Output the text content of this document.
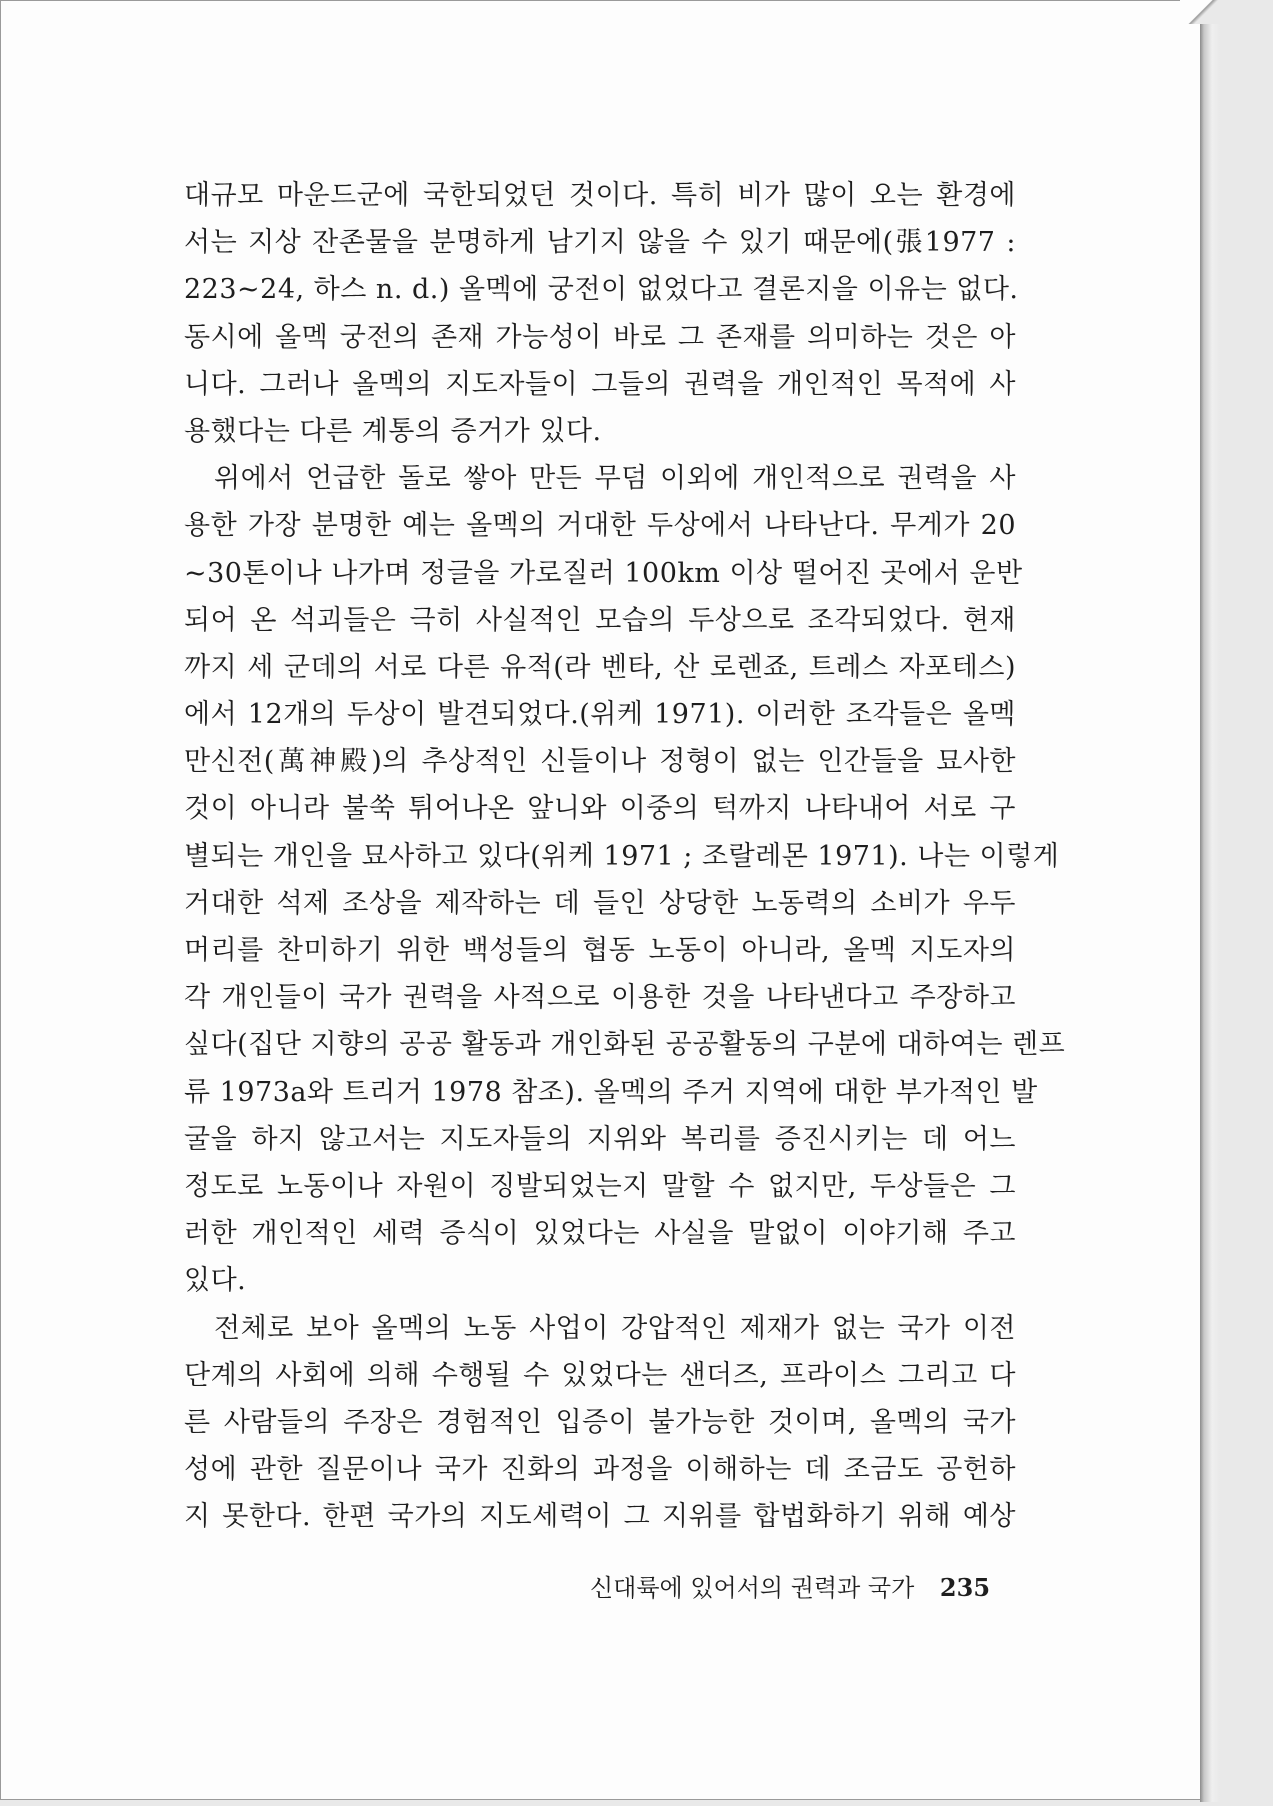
대규모 마운드군에 국한되었던 것이다. 특히 비가 많이 오는 환경에
서는 지상 잔존물을 분명하게 남기지 않을 수 있기 때문에(張1977 :
223~24, 하스 n. d.) 올멕에 궁전이 없었다고 결론지을 이유는 없다.
동시에 올멕 궁전의 존재 가능성이 바로 그 존재를 의미하는 것은 아
니다. 그러나 올멕의 지도자들이 그들의 권력을 개인적인 목적에 사
용했다는 다른 계통의 증거가 있다.
위에서 언급한 돌로 쌓아 만든 무덤 이외에 개인적으로 권력을 사
용한 가장 분명한 예는 올멕의 거대한 두상에서 나타난다. 무게가 20
~30톤이나 나가며 정글을 가로질러 100km 이상 떨어진 곳에서 운반
되어 온 석괴들은 극히 사실적인 모습의 두상으로 조각되었다. 현재
까지 세 군데의 서로 다른 유적(라 벤타, 산 로렌죠, 트레스 자포테스)
에서 12개의 두상이 발견되었다.(위케 1971). 이러한 조각들은 올멕
만신전(萬神殿)의 추상적인 신들이나 정형이 없는 인간들을 묘사한
것이 아니라 불쑥 튀어나온 앞니와 이중의 턱까지 나타내어 서로 구
별되는 개인을 묘사하고 있다(위케 1971 ; 조랄레몬 1971). 나는 이렇게
거대한 석제 조상을 제작하는 데 들인 상당한 노동력의 소비가 우두
머리를 찬미하기 위한 백성들의 협동 노동이 아니라, 올멕 지도자의
각 개인들이 국가 권력을 사적으로 이용한 것을 나타낸다고 주장하고
싶다(집단 지향의 공공 활동과 개인화된 공공활동의 구분에 대하여는 렌프
류 1973a와 트리거 1978 참조). 올멕의 주거 지역에 대한 부가적인 발
굴을 하지 않고서는 지도자들의 지위와 복리를 증진시키는 데 어느
정도로 노동이나 자원이 징발되었는지 말할 수 없지만, 두상들은 그
러한 개인적인 세력 증식이 있었다는 사실을 말없이 이야기해 주고
있다.
전체로 보아 올멕의 노동 사업이 강압적인 제재가 없는 국가 이전
단계의 사회에 의해 수행될 수 있었다는 샌더즈, 프라이스 그리고 다
른 사람들의 주장은 경험적인 입증이 불가능한 것이며, 올멕의 국가
성에 관한 질문이나 국가 진화의 과정을 이해하는 데 조금도 공헌하
지 못한다. 한편 국가의 지도세력이 그 지위를 합법화하기 위해 예상
신대륙에 있어서의 권력과 국가 235
